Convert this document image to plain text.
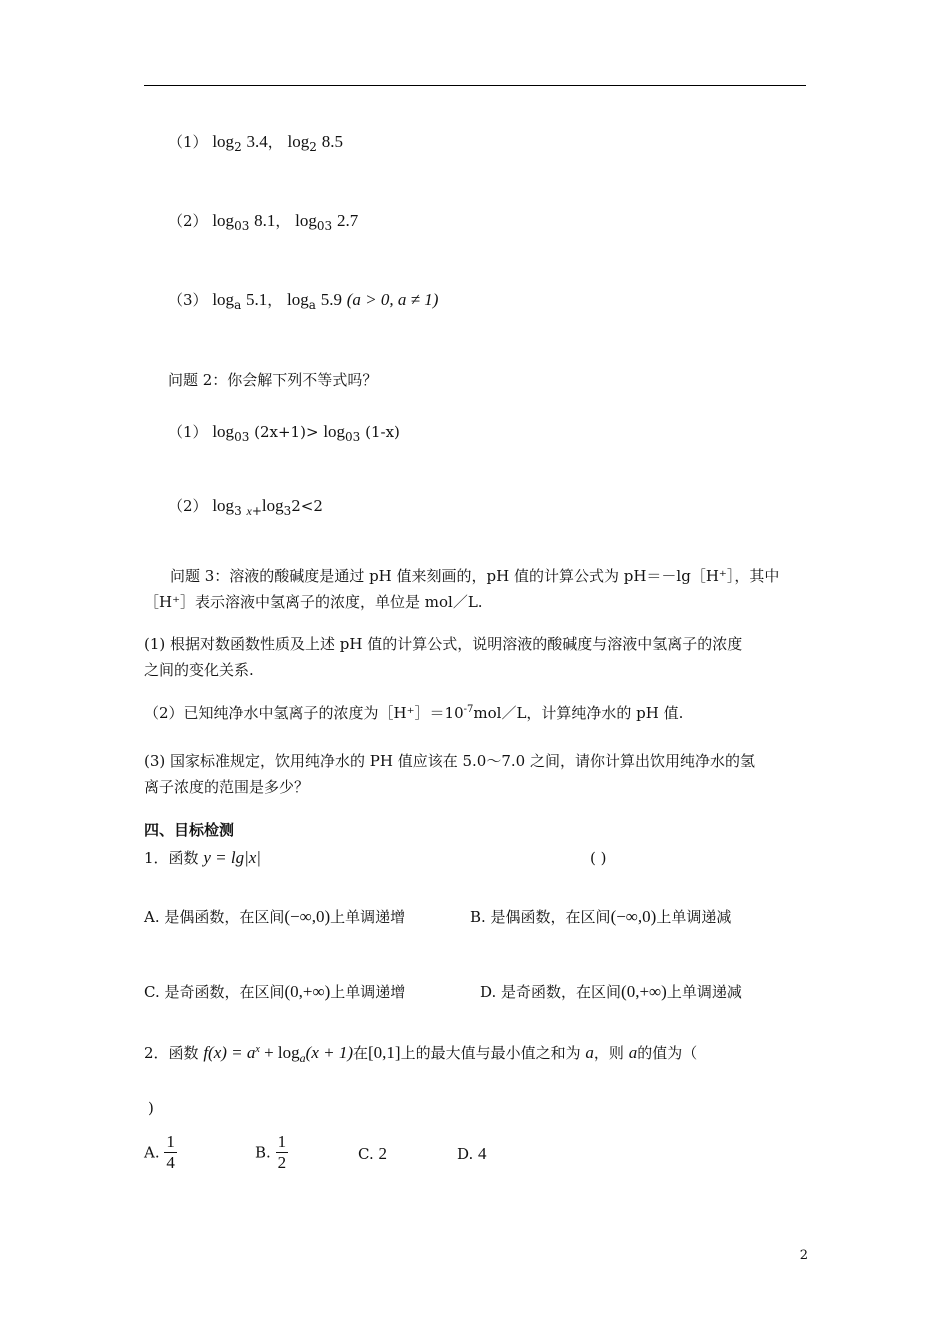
（1） $\log_2 3.4$， $\log_2 8.5$
（2） $\log_{03} 8.1$， $\log_{03} 2.7$
（3） $\log_a 5.1$， $\log_a 5.9$ (a > 0, a ≠ 1)
问题 2：你会解下列不等式吗？
（1） $\log_{03} (2x+1)> \log_{03} (1-x)$
（2） $\log_3 _{x+}\log_32<2$
问题 3：溶液的酸碱度是通过 pH 值来刻画的，pH 值的计算公式为 pH＝－lg［H⁺］，其中
［H⁺］表示溶液中氢离子的浓度，单位是 mol／L.
(1) 根据对数函数性质及上述 pH 值的计算公式，说明溶液的酸碱度与溶液中氢离子的浓度
之间的变化关系.
（2）已知纯净水中氢离子的浓度为$[H^+]=10^{-7}mol/L$，计算纯净水的 pH 值.
(3) 国家标准规定，饮用纯净水的 PH 值应该在 5.0～7.0 之间，请你计算出饮用纯净水的氢
离子浓度的范围是多少？
四、目标检测
1．函数 y = lg|x|	( )
A. 是偶函数，在区间(−∞,0)上单调递增	B. 是偶函数，在区间(−∞,0)上单调递减
C. 是奇函数，在区间(0,+∞)上单调递增	D. 是奇函数，在区间(0,+∞)上单调递减
2．函数 $f(x) = a^x + \log_a(x + 1)$在[0,1]上的最大值与最小值之和为 a，则 a的值为（
)
A. $\frac{1}{4}$	B. $\frac{1}{2}$	C. 2	D. 4
2
